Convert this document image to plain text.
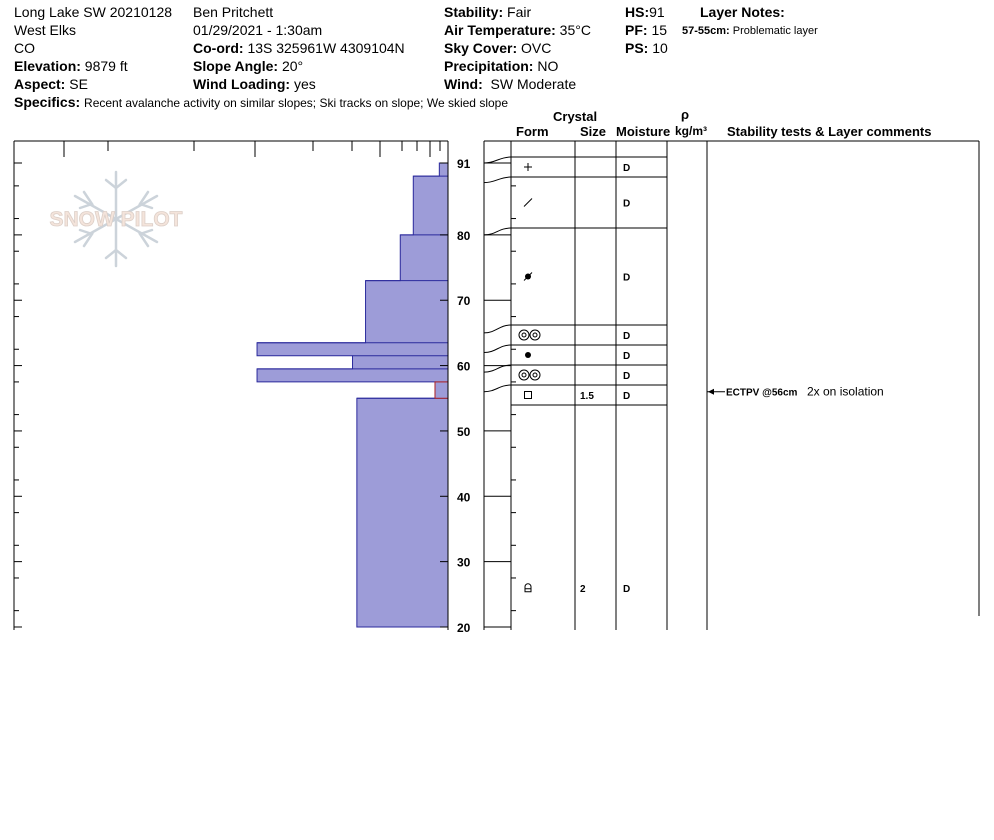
Long Lake SW 20210128
West Elks
CO
Elevation: 9879 ft
Aspect: SE
Ben Pritchett
01/29/2021 - 1:30am
Co-ord: 13S 325961W 4309104N
Slope Angle: 20°
Wind Loading: yes
Stability: Fair
Air Temperature: 35°C
Sky Cover: OVC
Precipitation: NO
Wind: SW Moderate
HS:91
PF: 15
PS: 10
Layer Notes:
57-55cm: Problematic layer
Specifics: Recent avalanche activity on similar slopes; Ski tracks on slope; We skied slope
Crystal
Form Size Moisture
ρ
kg/m³ Stability tests & Layer comments
91
80
70
60
50
40
30
20
D
D
D
D
D
D
1.5	D
2	D
ECTPV @56cm 2x on isolation
SNOW PILOT
